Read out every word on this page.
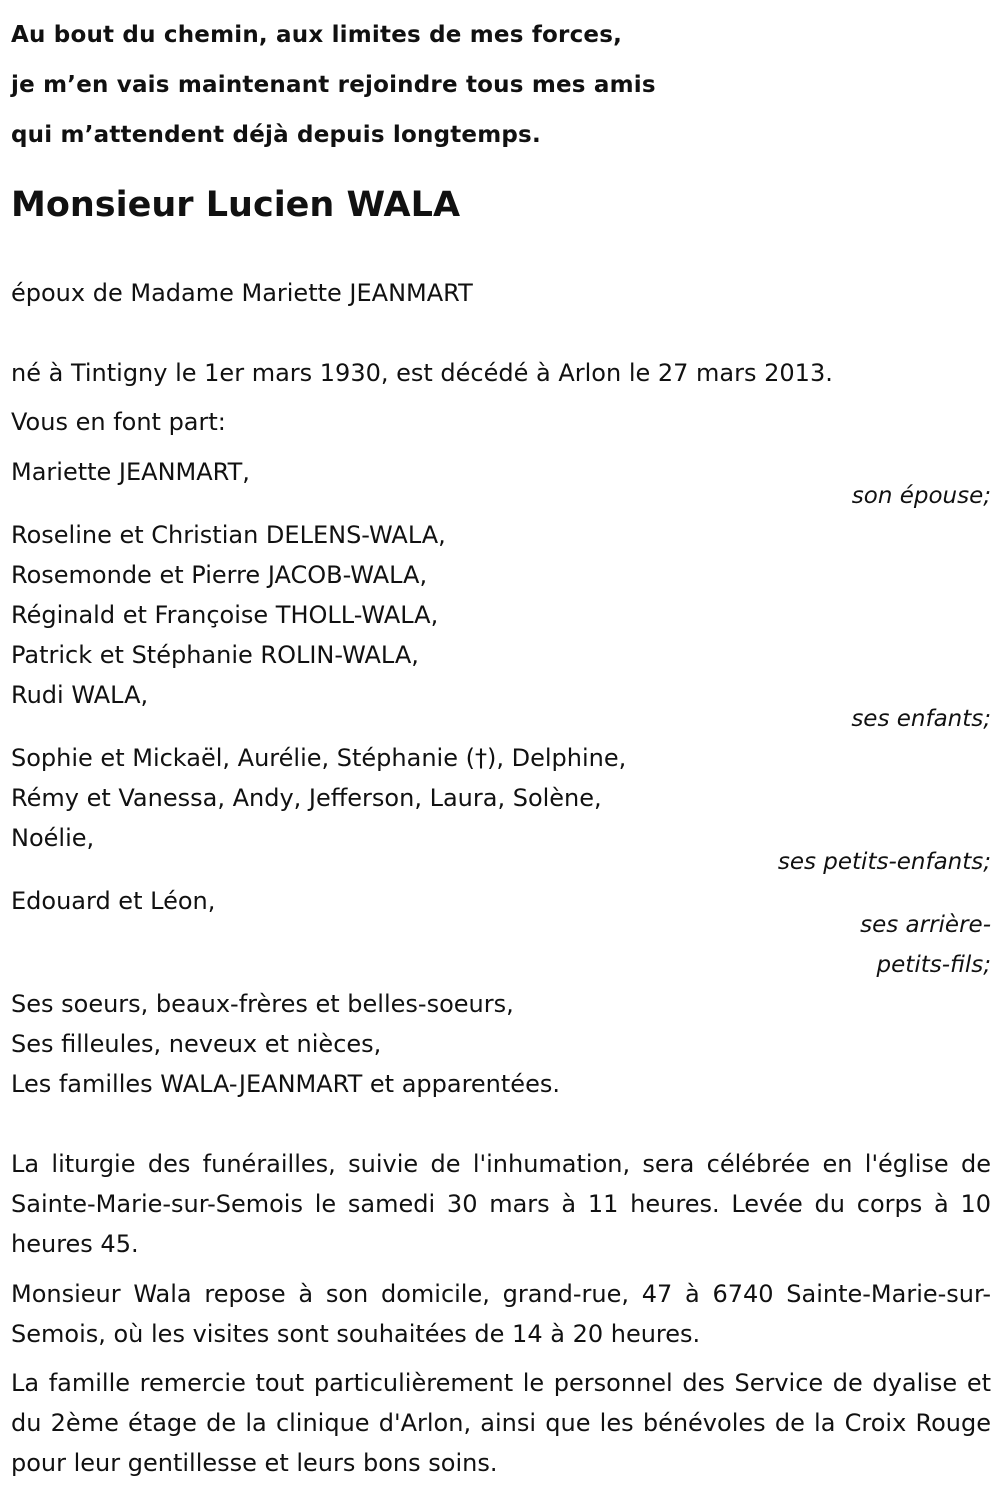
Au bout du chemin, aux limites de mes forces,
je m’en vais maintenant rejoindre tous mes amis
qui m’attendent déjà depuis longtemps.
Monsieur Lucien WALA
époux de Madame Mariette JEANMART
né à Tintigny le 1er mars 1930, est décédé à Arlon le 27 mars 2013.
Vous en font part:
Mariette JEANMART,
son épouse;
Roseline et Christian DELENS-WALA,
Rosemonde et Pierre JACOB-WALA,
Réginald et Françoise THOLL-WALA,
Patrick et Stéphanie ROLIN-WALA,
Rudi WALA,
ses enfants;
Sophie et Mickaël, Aurélie, Stéphanie (†), Delphine,
Rémy et Vanessa, Andy, Jefferson, Laura, Solène,
Noélie,
ses petits-enfants;
Edouard et Léon,
ses arrière-
petits-fils;
Ses soeurs, beaux-frères et belles-soeurs,
Ses filleules, neveux et nièces,
Les familles WALA-JEANMART et apparentées.
La liturgie des funérailles, suivie de l'inhumation, sera célébrée en l'église de Sainte-Marie-sur-Semois le samedi 30 mars à 11 heures. Levée du corps à 10 heures 45.
Monsieur Wala repose à son domicile, grand-rue, 47 à 6740 Sainte-Marie-sur-Semois, où les visites sont souhaitées de 14 à 20 heures.
La famille remercie tout particulièrement le personnel des Service de dyalise et du 2ème étage de la clinique d'Arlon, ainsi que les bénévoles de la Croix Rouge pour leur gentillesse et leurs bons soins.
